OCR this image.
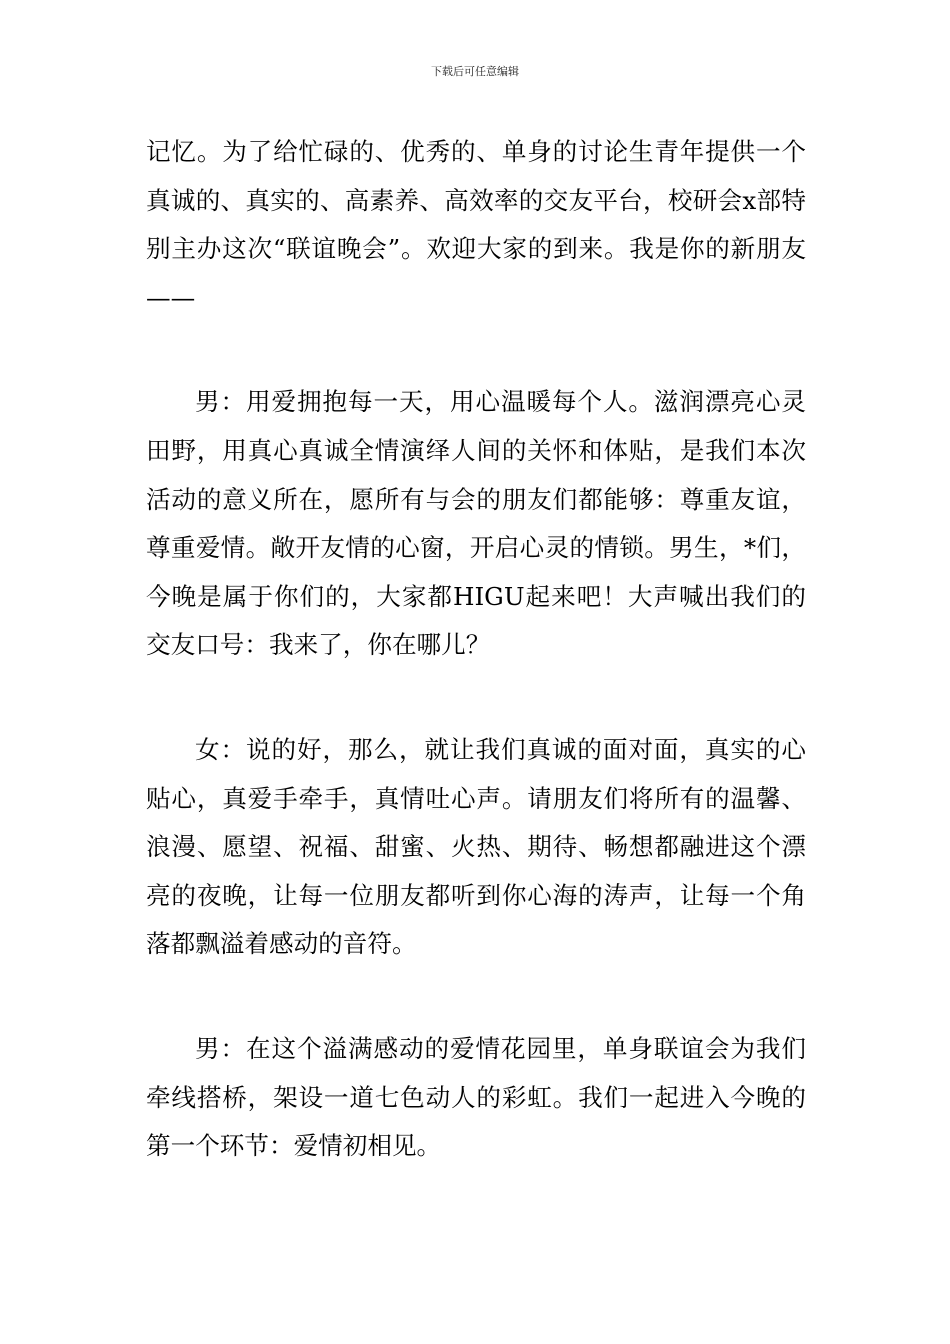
下载后可任意编辑

记忆。为了给忙碌的、优秀的、单身的讨论生青年提供一个真诚的、真实的、高素养、高效率的交友平台，校研会x部特别主办这次“联谊晚会”。欢迎大家的到来。我是你的新朋友——

男：用爱拥抱每一天，用心温暖每个人。滋润漂亮心灵田野，用真心真诚全情演绎人间的关怀和体贴，是我们本次活动的意义所在，愿所有与会的朋友们都能够：尊重友谊，尊重爱情。敞开友情的心窗，开启心灵的情锁。男生，*们，今晚是属于你们的，大家都HIGU起来吧！大声喊出我们的交友口号：我来了，你在哪儿？

女：说的好，那么，就让我们真诚的面对面，真实的心贴心，真爱手牵手，真情吐心声。请朋友们将所有的温馨、浪漫、愿望、祝福、甜蜜、火热、期待、畅想都融进这个漂亮的夜晚，让每一位朋友都听到你心海的涛声，让每一个角落都飘溢着感动的音符。

男：在这个溢满感动的爱情花园里，单身联谊会为我们牵线搭桥，架设一道七色动人的彩虹。我们一起进入今晚的第一个环节：爱情初相见。
